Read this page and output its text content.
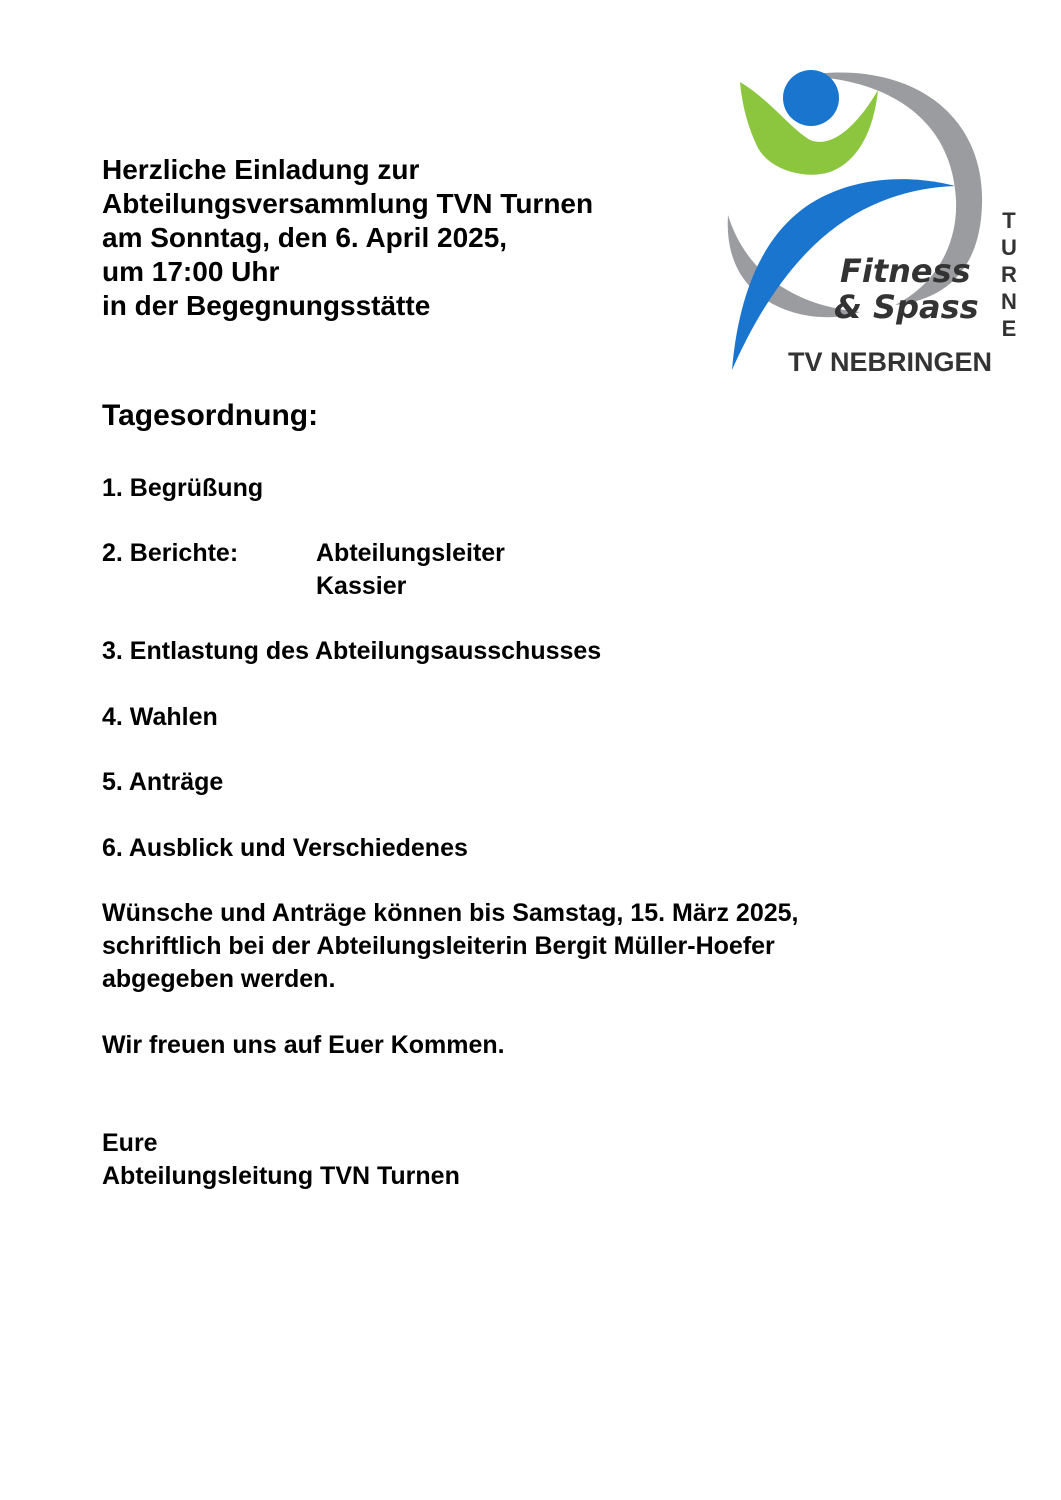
Herzliche Einladung zur
Abteilungsversammlung TVN Turnen
am Sonntag, den 6. April 2025,
um 17:00 Uhr
in der Begegnungsstätte
Tagesordnung:
1. Begrüßung
2. Berichte:	Abteilungsleiter
Kassier
3. Entlastung des Abteilungsausschusses
4. Wahlen
5. Anträge
6. Ausblick und Verschiedenes
Wünsche und Anträge können bis Samstag, 15. März 2025,
schriftlich bei der Abteilungsleiterin Bergit Müller-Hoefer
abgegeben werden.
Wir freuen uns auf Euer Kommen.
Eure
Abteilungsleitung TVN Turnen
Fitness
& Spass
TV NEBRINGEN
T
U
R
N
E
